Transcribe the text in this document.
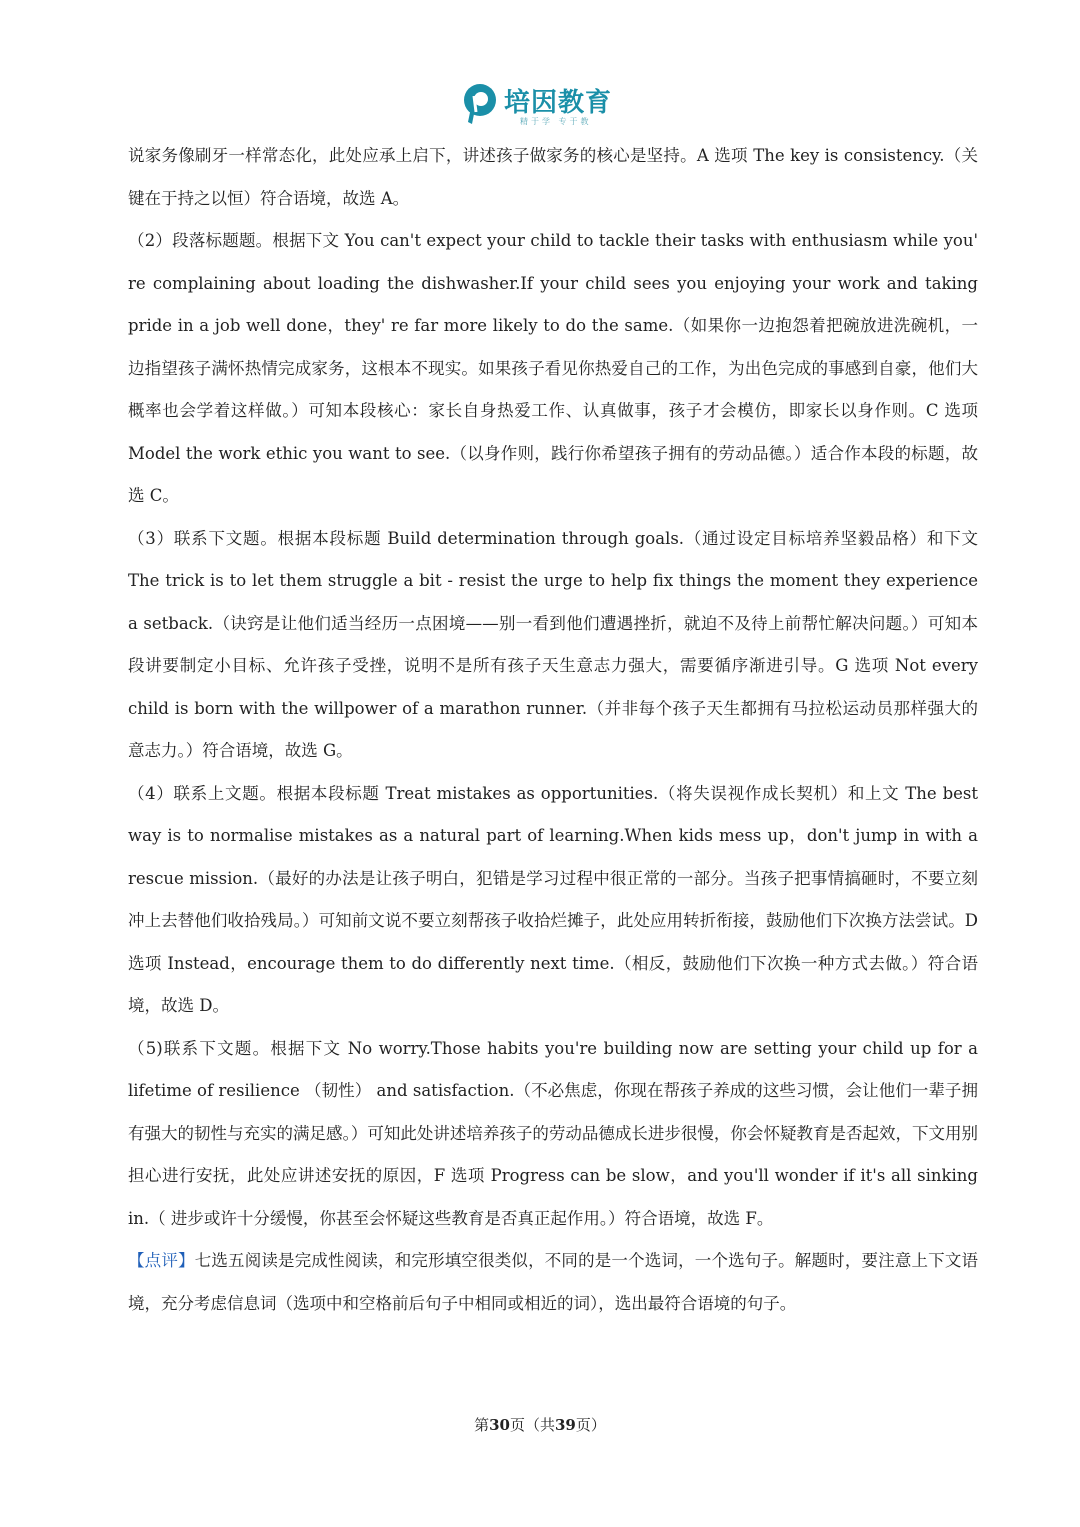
培因教育
精于学 专于教

说家务像刷牙一样常态化，此处应承上启下，讲述孩子做家务的核心是坚持。A 选项 The key is consistency.（关键在于持之以恒）符合语境，故选 A。

（2）段落标题题。根据下文 You can't expect your child to tackle their tasks with enthusiasm while you' re complaining about loading the dishwasher.If your child sees you enjoying your work and taking pride in a job well done，they' re far more likely to do the same.（如果你一边抱怨着把碗放进洗碗机，一边指望孩子满怀热情完成家务，这根本不现实。如果孩子看见你热爱自己的工作，为出色完成的事感到自豪，他们大概率也会学着这样做。）可知本段核心：家长自身热爱工作、认真做事，孩子才会模仿，即家长以身作则。C 选项 Model the work ethic you want to see.（以身作则，践行你希望孩子拥有的劳动品德。）适合作本段的标题，故选 C。

（3）联系下文题。根据本段标题 Build determination through goals.（通过设定目标培养坚毅品格）和下文 The trick is to let them struggle a bit - resist the urge to help fix things the moment they experience a setback.（诀窍是让他们适当经历一点困境——别一看到他们遭遇挫折，就迫不及待上前帮忙解决问题。）可知本段讲要制定小目标、允许孩子受挫，说明不是所有孩子天生意志力强大，需要循序渐进引导。G 选项 Not every child is born with the willpower of a marathon runner.（并非每个孩子天生都拥有马拉松运动员那样强大的意志力。）符合语境，故选 G。

（4）联系上文题。根据本段标题 Treat mistakes as opportunities.（将失误视作成长契机）和上文 The best way is to normalise mistakes as a natural part of learning.When kids mess up，don't jump in with a rescue mission.（最好的办法是让孩子明白，犯错是学习过程中很正常的一部分。当孩子把事情搞砸时，不要立刻冲上去替他们收拾残局。）可知前文说不要立刻帮孩子收拾烂摊子，此处应用转折衔接，鼓励他们下次换方法尝试。D 选项 Instead，encourage them to do differently next time.（相反，鼓励他们下次换一种方式去做。）符合语境，故选 D。

（5)联系下文题。根据下文 No worry.Those habits you're building now are setting your child up for a lifetime of resilience （韧性） and satisfaction.（不必焦虑，你现在帮孩子养成的这些习惯，会让他们一辈子拥有强大的韧性与充实的满足感。）可知此处讲述培养孩子的劳动品德成长进步很慢，你会怀疑教育是否起效，下文用别担心进行安抚，此处应讲述安抚的原因，F 选项 Progress can be slow，and you'll wonder if it's all sinking in.（ 进步或许十分缓慢，你甚至会怀疑这些教育是否真正起作用。）符合语境，故选 F。

【点评】七选五阅读是完成性阅读，和完形填空很类似，不同的是一个选词，一个选句子。解题时，要注意上下文语境，充分考虑信息词（选项中和空格前后句子中相同或相近的词），选出最符合语境的句子。

第30页（共39页）
